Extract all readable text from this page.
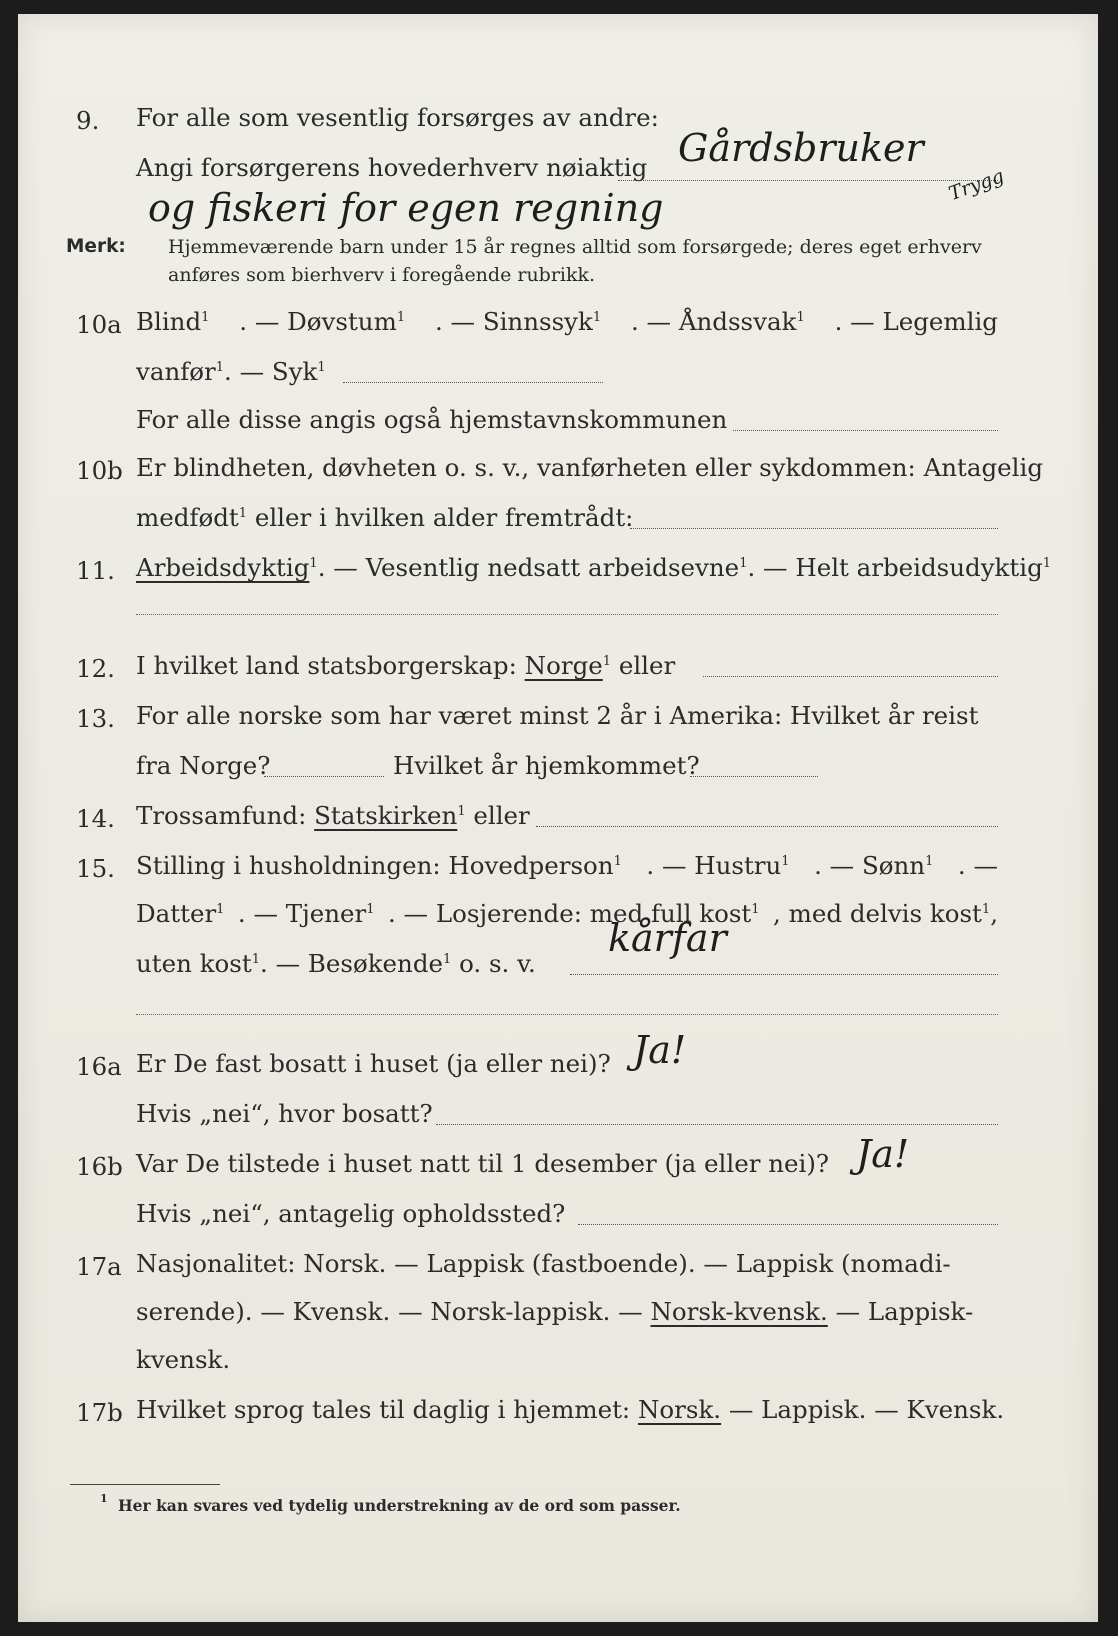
9. For alle som vesentlig forsørges av andre:
Angi forsørgerens hovederhverv nøiaktig Gårdsbruker
og fiskeri for egen regning
Trygg
Merk: Hjemmeværende barn under 15 år regnes alltid som forsørgede; deres eget erhverv
anføres som bierhverv i foregående rubrikk.
10a Blind$^1$ . — Døvstum$^1$ . — Sinnssyk$^1$ . — Åndssvak$^1$ . — Legemlig
vanfør$^1$. — Syk$^1$
For alle disse angis også hjemstavnskommunen
10b Er blindheten, døvheten o. s. v., vanførheten eller sykdommen: Antagelig
medfødt$^1$ eller i hvilken alder fremtrådt:
11. Arbeidsdyktig$^1$. — Vesentlig nedsatt arbeidsevne$^1$. — Helt arbeidsudyktig$^1$
12. I hvilket land statsborgerskap: Norge$^1$ eller
13. For alle norske som har været minst 2 år i Amerika: Hvilket år reist
fra Norge?	Hvilket år hjemkommet?
14. Trossamfund: Statskirken$^1$ eller
15. Stilling i husholdningen: Hovedperson$^1$ . — Hustru$^1$ . — Sønn$^1$ . —
Datter$^1$ . — Tjener$^1$ . — Losjerende: med full kost$^1$ , med delvis kost$^1$,
uten kost$^1$. — Besøkende$^1$ o. s. v.
kårfar
16a Er De fast bosatt i huset (ja eller nei)? Ja!
Hvis „nei“, hvor bosatt?
16b Var De tilstede i huset natt til 1 desember (ja eller nei)? Ja!
Hvis „nei“, antagelig opholdssted?
17a Nasjonalitet: Norsk. — Lappisk (fastboende). — Lappisk (nomadi-
serende). — Kvensk. — Norsk-lappisk. — Norsk-kvensk. — Lappisk-
kvensk.
17b Hvilket sprog tales til daglig i hjemmet: Norsk. — Lappisk. — Kvensk.
1 Her kan svares ved tydelig understrekning av de ord som passer.
